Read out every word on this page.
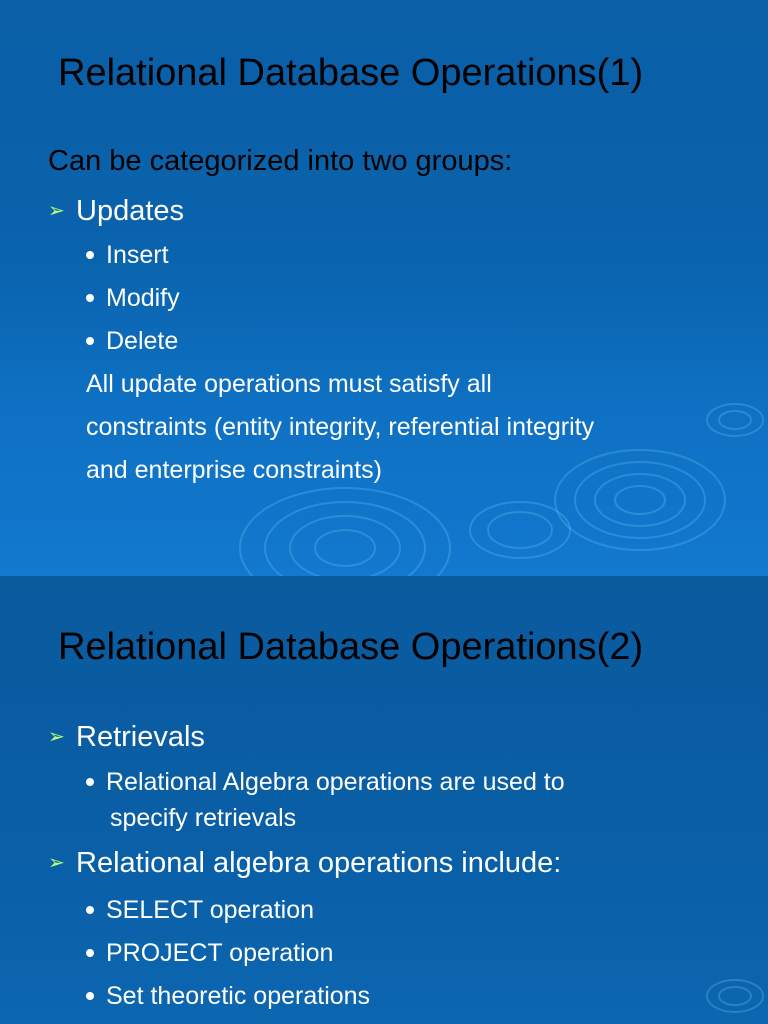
Relational Database Operations(1)
Can be categorized into two groups:
➢ Updates
Insert
Modify
Delete
All update operations must satisfy all
constraints (entity integrity, referential integrity
and enterprise constraints)
Relational Database Operations(2)
➢ Retrievals
Relational Algebra operations are used to
specify retrievals
➢ Relational algebra operations include:
SELECT operation
PROJECT operation
Set theoretic operations
